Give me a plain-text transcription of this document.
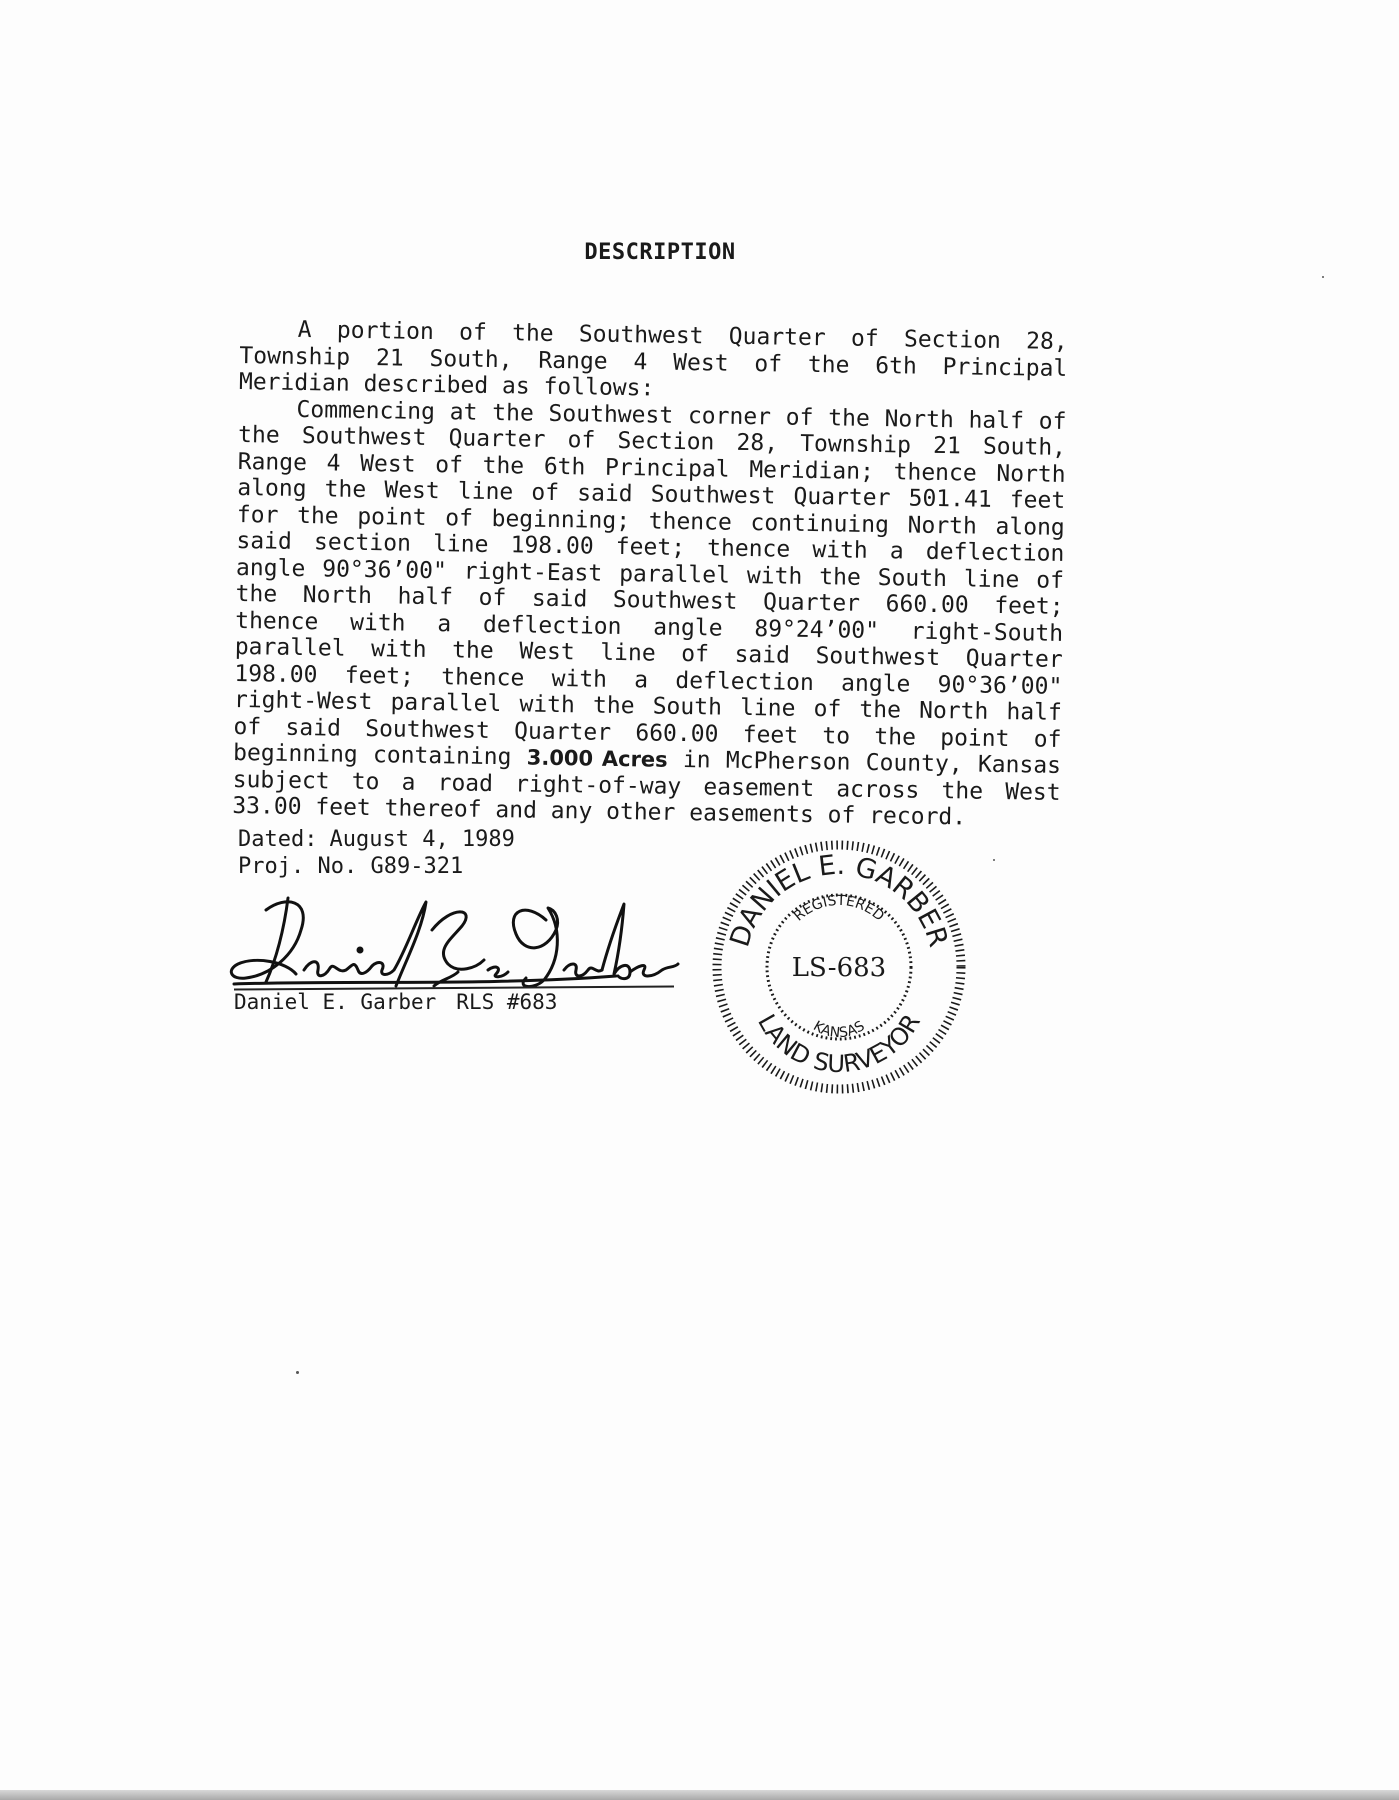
DESCRIPTION

A portion of the Southwest Quarter of Section 28, Township 21 South, Range 4 West of the 6th Principal Meridian described as follows:

Commencing at the Southwest corner of the North half of the Southwest Quarter of Section 28, Township 21 South, Range 4 West of the 6th Principal Meridian; thence North along the West line of said Southwest Quarter 501.41 feet for the point of beginning; thence continuing North along said section line 198.00 feet; thence with a deflection angle 90°36’00" right-East parallel with the South line of the North half of said Southwest Quarter 660.00 feet; thence with a deflection angle 89°24’00" right-South parallel with the West line of said Southwest Quarter 198.00 feet; thence with a deflection angle 90°36’00" right-West parallel with the South line of the North half of said Southwest Quarter 660.00 feet to the point of beginning containing 3.000 Acres in McPherson County, Kansas subject to a road right-of-way easement across the West 33.00 feet thereof and any other easements of record.

Dated: August 4, 1989
Proj. No. G89-321
Daniel E. Garber RLS #683
DANIEL E. GARBER
LAND SURVEYOR
REGISTERED
KANSAS
LS-683
